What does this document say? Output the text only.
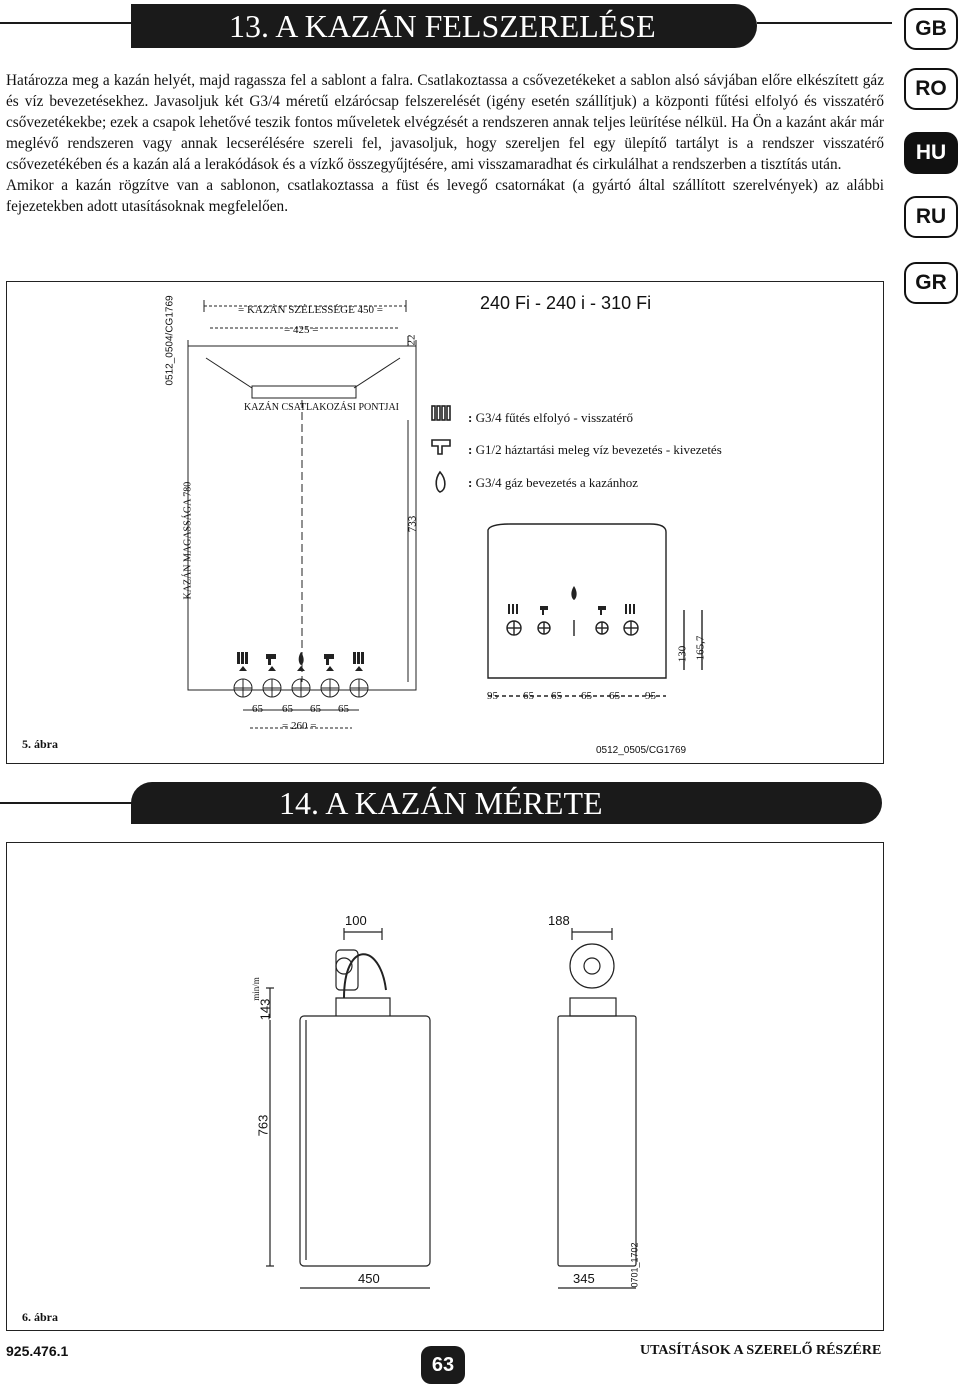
13. A KAZÁN FELSZERELÉSE	GB
RO
HU
RU
GR

Határozza meg a kazán helyét, majd ragassza fel a sablont a falra. Csatlakoztassa a csővezetékeket a sablon alsó sávjában előre elkészített gáz és víz bevezetésekhez. Javasoljuk két G3/4 méretű elzárócsap felszerelését (igény esetén szállítjuk) a központi fűtési elfolyó és visszatérő csővezetékekbe; ezek a csapok lehetővé teszik fontos műveletek elvégzését a rendszeren annak teljes leürítése nélkül. Ha Ön a kazánt akár már meglévő rendszeren vagy annak lecserélésére szereli fel, javasoljuk, hogy szereljen fel egy ülepítő tartályt is a rendszer visszatérő csővezetékében és a kazán alá a lerakódások és a vízkő összegyűjtésére, ami visszamaradhat és cirkulálhat a rendszerben a tisztítás után.

Amikor a kazán rögzítve van a sablonon, csatlakoztassa a füst és levegő csatornákat (a gyártó által szállított szerelvények) az alábbi fejezetekben adott utasításoknak megfelelően.

0512_0504/CG1769	= KAZÁN SZÉLESSÉGE 450 =
= 425 =
22
KAZÁN CSATLAKOZÁSI PONTJAI
KAZÁN MAGASSÁGA 780	733
65 65 65 65
= 260 =
240 Fi - 240 i - 310 Fi
: G3/4 fűtés elfolyó - visszatérő
: G1/2 háztartási meleg víz bevezetés - kivezetés
: G3/4 gáz bevezetés a kazánhoz
95 65 65 65 65 95
130 165,7
5. ábra	0512_0505/CG1769
14. A KAZÁN MÉRETE
100	188
min/m
143
763
450	345	0701_1702
6. ábra
925.476.1
63
UTASÍTÁSOK A SZERELŐ RÉSZÉRE
